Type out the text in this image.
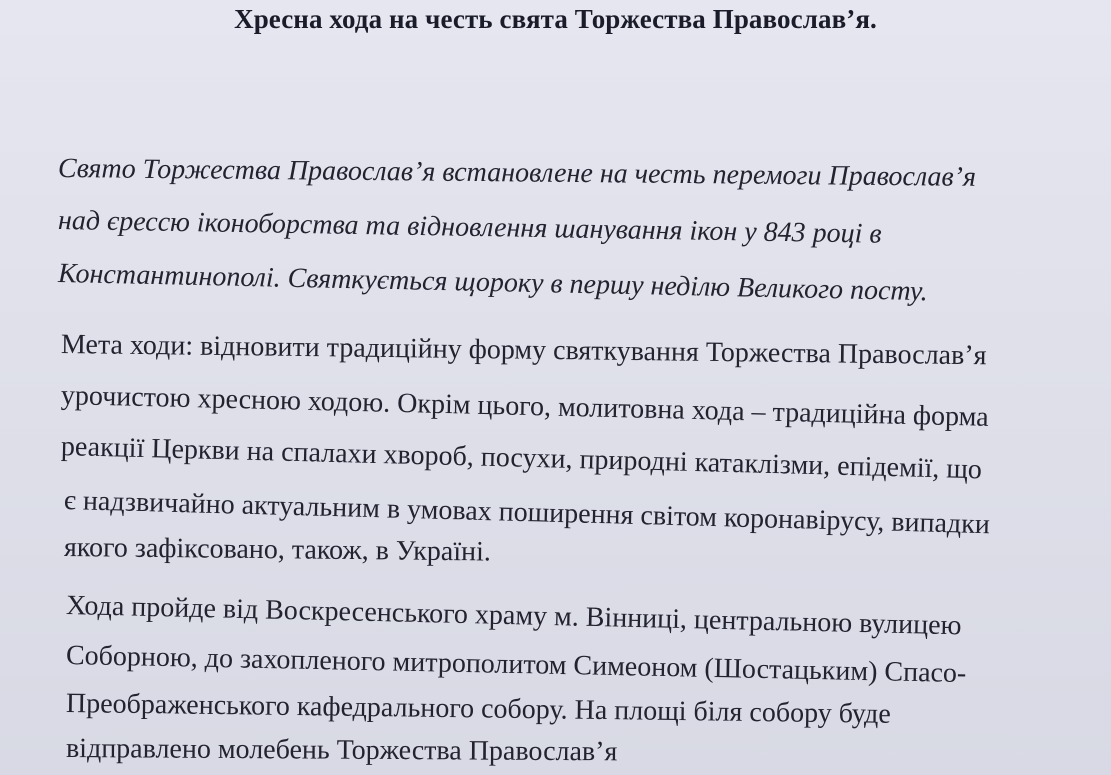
Хресна хода на честь свята Торжества Православ’я.
Свято Торжества Православ’я встановлене на честь перемоги Православ’я
над єрессю іконоборства та відновлення шанування ікон у 843 році в
Константинополі. Святкується щороку в першу неділю Великого посту.
Мета ходи: відновити традиційну форму святкування Торжества Православ’я
урочистою хресною ходою. Окрім цього, молитовна хода – традиційна форма
реакції Церкви на спалахи хвороб, посухи, природні катаклізми, епідемії, що
є надзвичайно актуальним в умовах поширення світом коронавірусу, випадки
якого зафіксовано, також, в Україні.
Хода пройде від Воскресенського храму м. Вінниці, центральною вулицею
Соборною, до захопленого митрополитом Симеоном (Шостацьким) Спасо-
Преображенського кафедрального собору. На площі біля собору буде
відправлено молебень Торжества Православ’я
